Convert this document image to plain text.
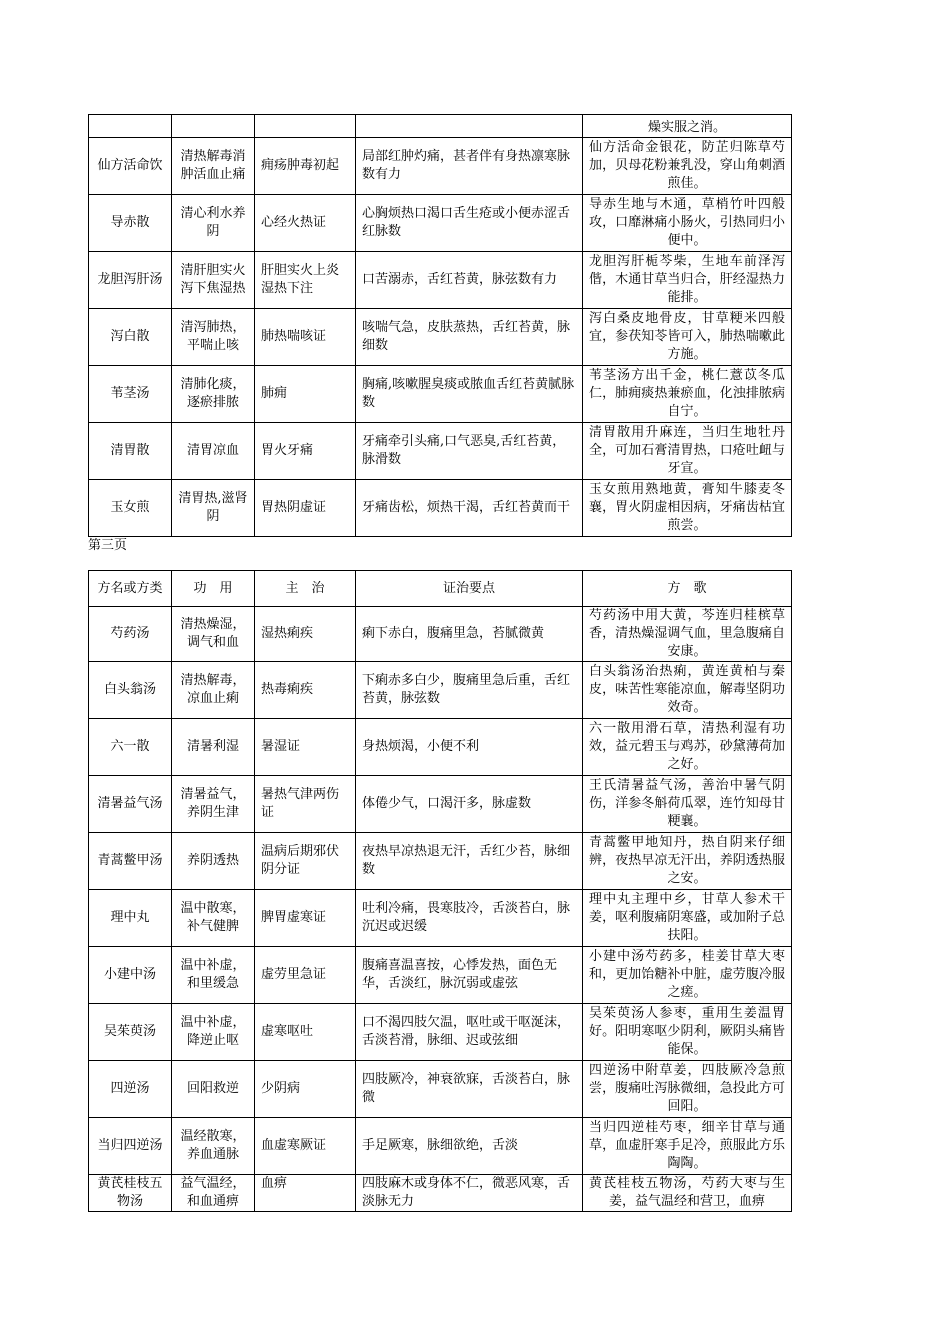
				燥实服之消。
仙方活命饮	清热解毒消肿活血止痛	痈疡肿毒初起	局部红肿灼痛，甚者伴有身热凛寒脉数有力	仙方活命金银花，防芷归陈草芍加，贝母花粉兼乳没，穿山角刺酒煎佳。
导赤散	清心利水养阴	心经火热证	心胸烦热口渴口舌生疮或小便赤涩舌红脉数	导赤生地与木通，草梢竹叶四般攻，口靡淋痛小肠火，引热同归小便中。
龙胆泻肝汤	清肝胆实火泻下焦湿热	肝胆实火上炎湿热下注	口苦溺赤，舌红苔黄，脉弦数有力	龙胆泻肝栀芩柴，生地车前泽泻偕，木通甘草当归合，肝经湿热力能排。
泻白散	清泻肺热，平喘止咳	肺热喘咳证	咳喘气急，皮肤蒸热，舌红苔黄，脉细数	泻白桑皮地骨皮，甘草粳米四般宜，参茯知苓皆可入，肺热喘嗽此方施。
苇茎汤	清肺化痰，逐瘀排脓	肺痈	胸痛,咳嗽腥臭痰或脓血舌红苔黄腻脉数	苇茎汤方出千金，桃仁薏苡冬瓜仁，肺痈痰热兼瘀血，化浊排脓病自宁。
清胃散	清胃凉血	胃火牙痛	牙痛牵引头痛,口气恶臭,舌红苔黄，脉滑数	清胃散用升麻连，当归生地牡丹全，可加石膏清胃热，口疮吐衄与牙宣。
玉女煎	清胃热,滋肾阴	胃热阴虚证	牙痛齿松，烦热干渴，舌红苔黄而干	玉女煎用熟地黄，膏知牛膝麦冬襄，胃火阴虚相因病，牙痛齿枯宜煎尝。
第三页
方名或方类	功　用	主　治	证治要点	方　歌
芍药汤	清热燥湿，调气和血	湿热痢疾	痢下赤白，腹痛里急，苔腻微黄	芍药汤中用大黄，芩连归桂槟草香，清热燥湿调气血，里急腹痛自安康。
白头翁汤	清热解毒，凉血止痢	热毒痢疾	下痢赤多白少，腹痛里急后重，舌红苔黄，脉弦数	白头翁汤治热痢，黄连黄柏与秦皮，味苦性寒能凉血，解毒坚阴功效奇。
六一散	清暑利湿	暑湿证	身热烦渴，小便不利	六一散用滑石草，清热利湿有功效，益元碧玉与鸡苏，砂黛薄荷加之好。
清暑益气汤	清暑益气，养阴生津	暑热气津两伤证	体倦少气，口渴汗多，脉虚数	王氏清暑益气汤，善治中暑气阴伤，洋参冬斛荷瓜翠，连竹知母甘粳襄。
青蒿鳖甲汤	养阴透热	温病后期邪伏阴分证	夜热早凉热退无汗，舌红少苔，脉细数	青蒿鳖甲地知丹，热自阴来仔细辨，夜热早凉无汗出，养阴透热服之安。
理中丸	温中散寒，补气健脾	脾胃虚寒证	吐利冷痛，畏寒肢冷，舌淡苔白，脉沉迟或迟缓	理中丸主理中乡，甘草人参术干姜，呕利腹痛阴寒盛，或加附子总扶阳。
小建中汤	温中补虚，和里缓急	虚劳里急证	腹痛喜温喜按，心悸发热，面色无华，舌淡红，脉沉弱或虚弦	小建中汤芍药多，桂姜甘草大枣和，更加饴糖补中脏，虚劳腹冷服之瘥。
吴茱萸汤	温中补虚，降逆止呕	虚寒呕吐	口不渴四肢欠温，呕吐或干呕涎沫，舌淡苔滑，脉细、迟或弦细	吴茱萸汤人参枣，重用生姜温胃好。阳明寒呕少阴利，厥阴头痛皆能保。
四逆汤	回阳救逆	少阴病	四肢厥冷，神衰欲寐，舌淡苔白，脉微	四逆汤中附草姜，四肢厥冷急煎尝，腹痛吐泻脉微细，急投此方可回阳。
当归四逆汤	温经散寒，养血通脉	血虚寒厥证	手足厥寒，脉细欲绝，舌淡	当归四逆桂芍枣，细辛甘草与通草，血虚肝寒手足冷，煎服此方乐陶陶。
黄芪桂枝五物汤	益气温经，和血通痹	血痹	四肢麻木或身体不仁，微恶风寒，舌淡脉无力	黄芪桂枝五物汤，芍药大枣与生姜，益气温经和营卫，血痹
